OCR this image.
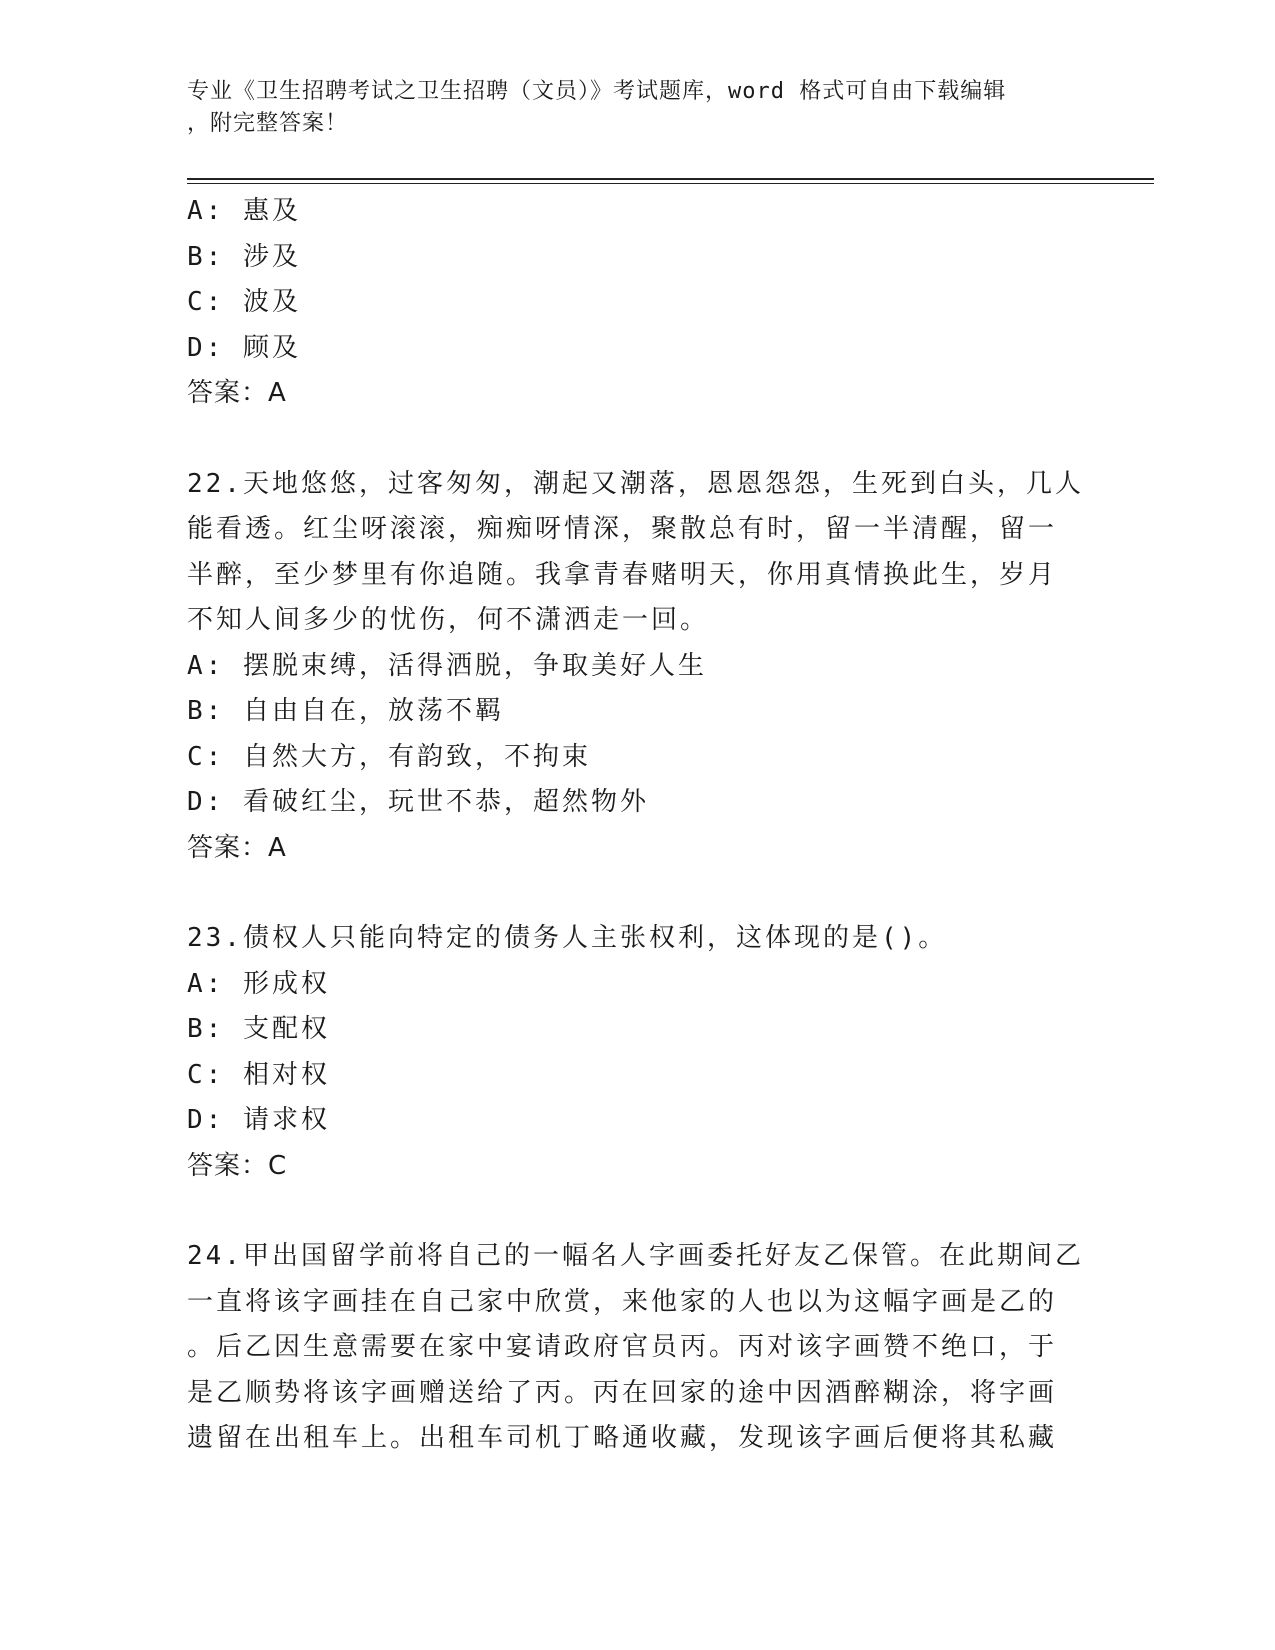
专业《卫生招聘考试之卫生招聘（文员）》考试题库，word 格式可自由下载编辑
，附完整答案！
A: 惠及
B: 涉及
C: 波及
D: 顾及
答案：A
22.天地悠悠，过客匆匆，潮起又潮落，恩恩怨怨，生死到白头，几人
能看透。红尘呀滚滚，痴痴呀情深，聚散总有时，留一半清醒，留一
半醉，至少梦里有你追随。我拿青春赌明天，你用真情换此生，岁月
不知人间多少的忧伤，何不潇洒走一回。
A: 摆脱束缚，活得洒脱，争取美好人生
B: 自由自在，放荡不羁
C: 自然大方，有韵致，不拘束
D: 看破红尘，玩世不恭，超然物外
答案：A
23.债权人只能向特定的债务人主张权利，这体现的是()。
A: 形成权
B: 支配权
C: 相对权
D: 请求权
答案：C
24.甲出国留学前将自己的一幅名人字画委托好友乙保管。在此期间乙
一直将该字画挂在自己家中欣赏，来他家的人也以为这幅字画是乙的
。后乙因生意需要在家中宴请政府官员丙。丙对该字画赞不绝口，于
是乙顺势将该字画赠送给了丙。丙在回家的途中因酒醉糊涂，将字画
遗留在出租车上。出租车司机丁略通收藏，发现该字画后便将其私藏
